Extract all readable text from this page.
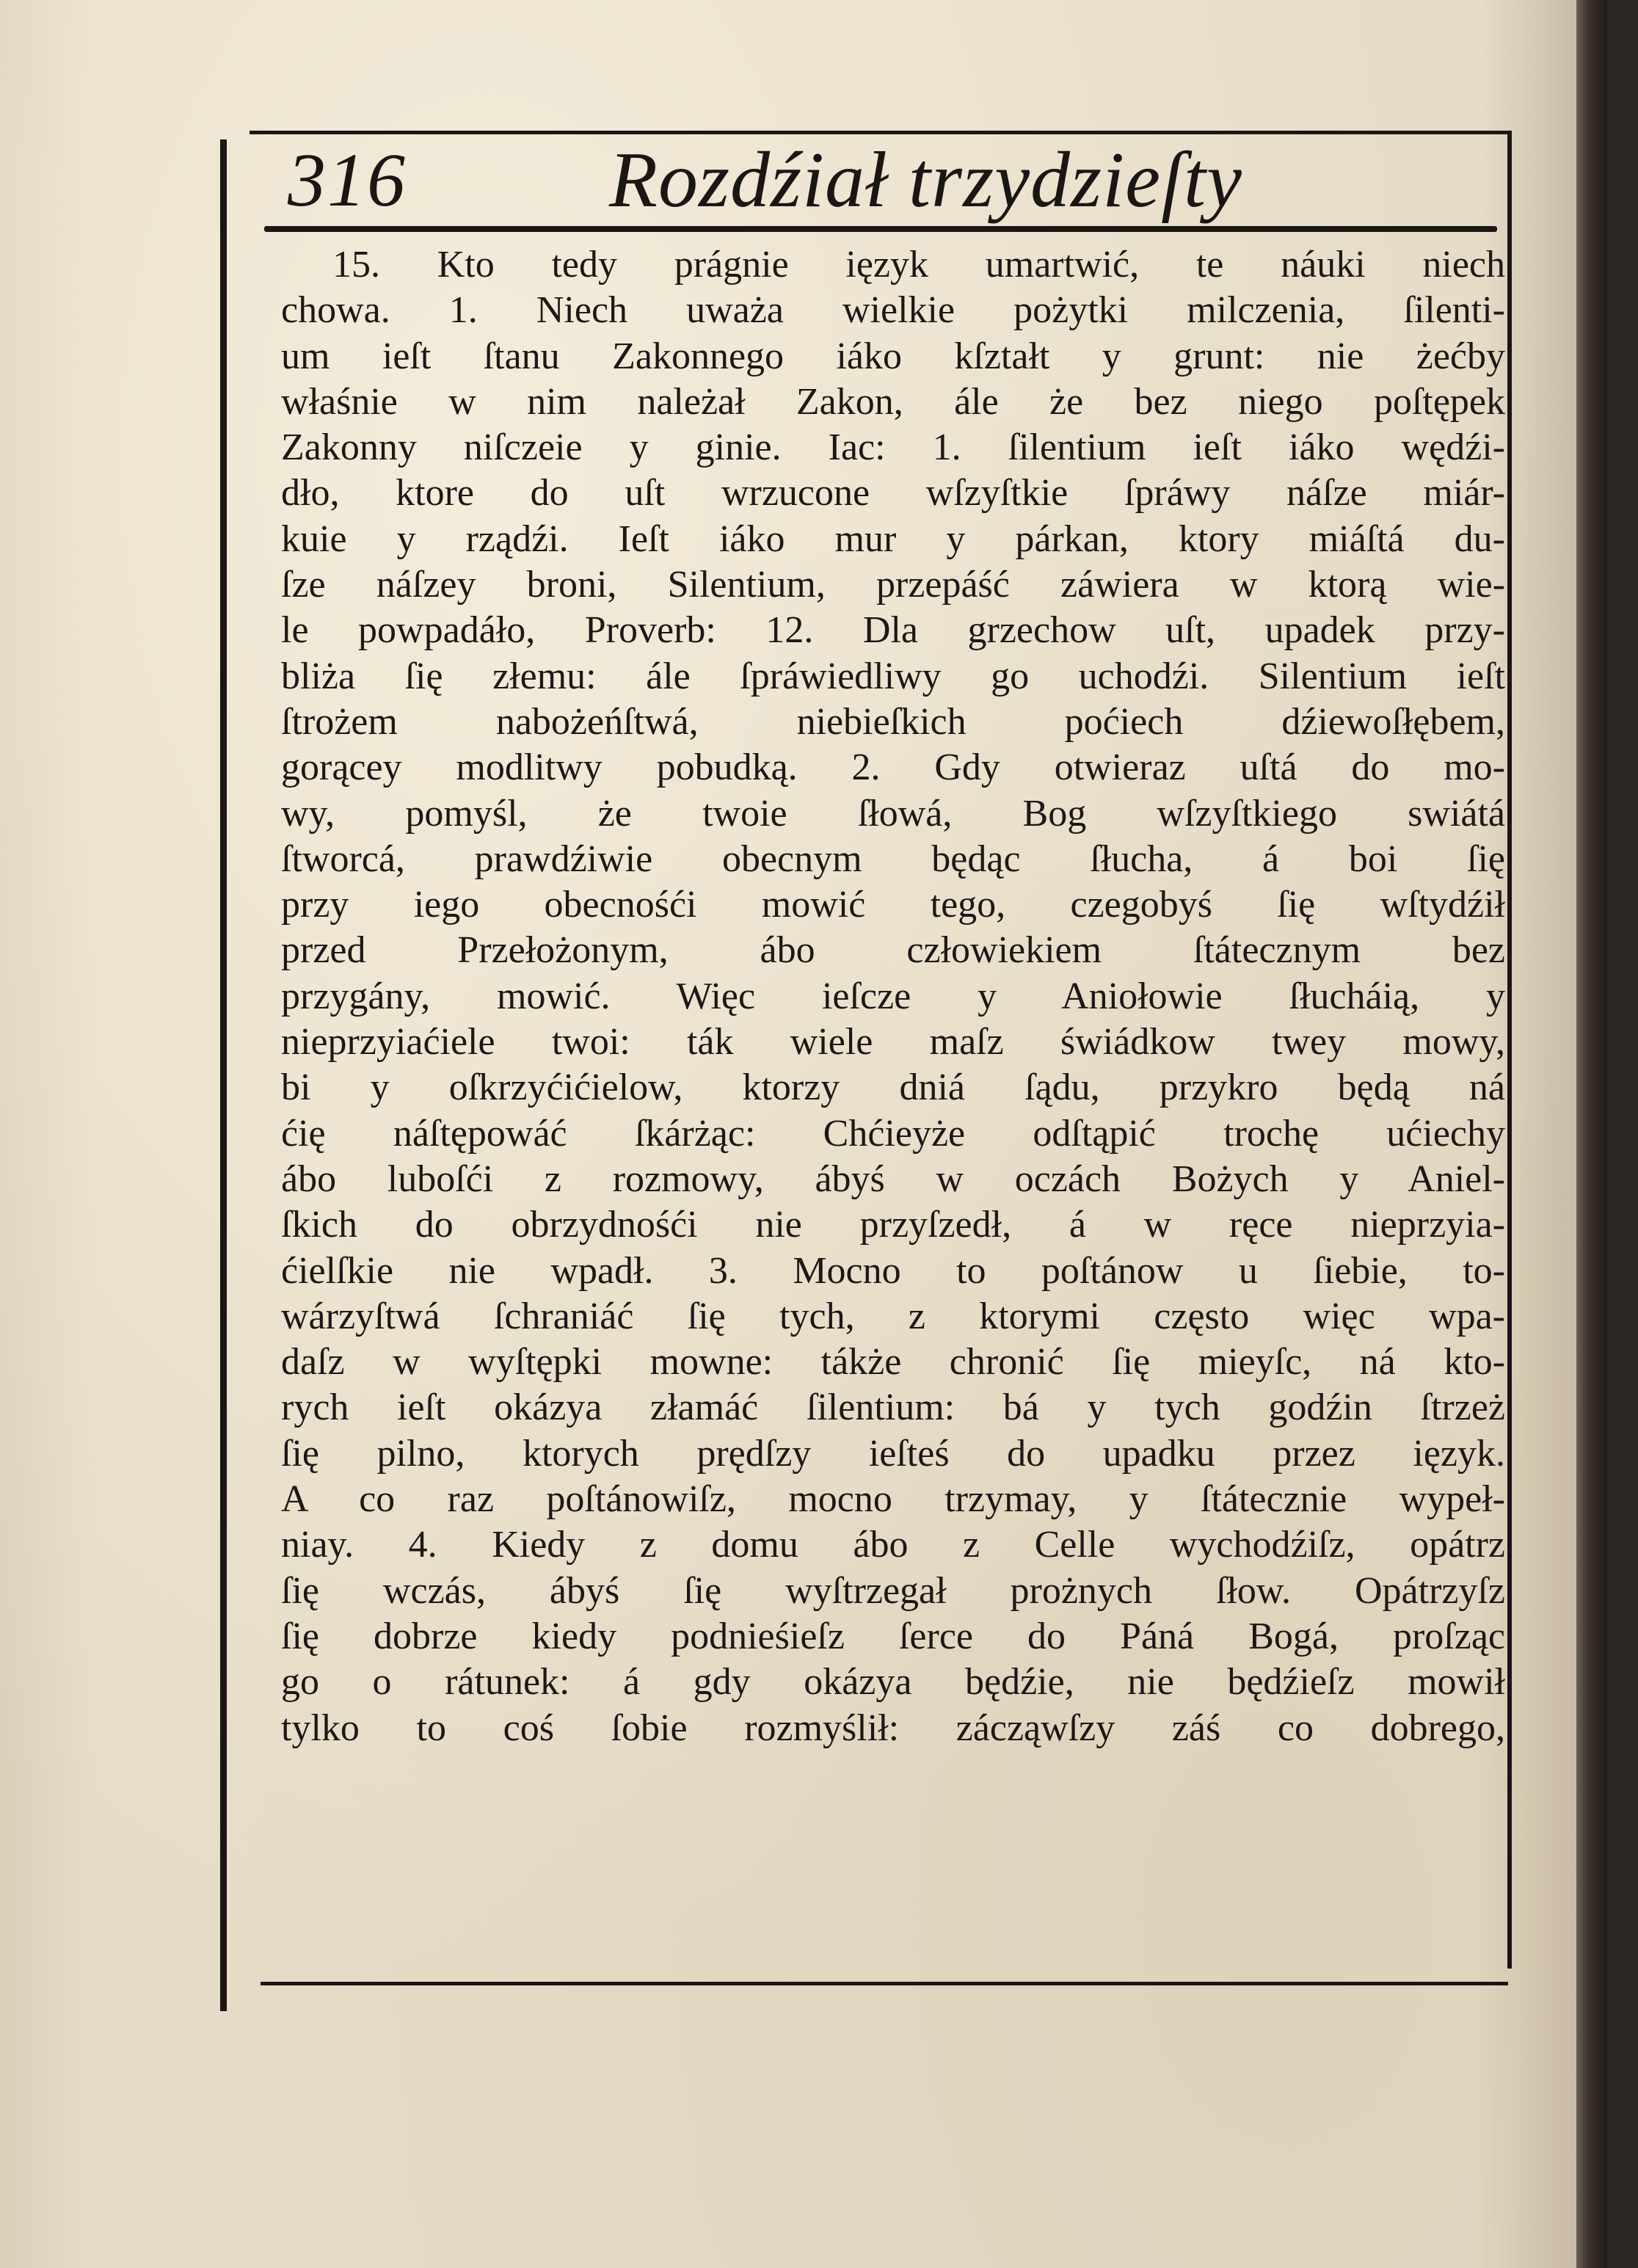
316	Rozdźiał trzydzieſty
15. Kto tedy prágnie ięzyk umartwić, te náuki niech
chowa. 1. Niech uważa wielkie pożytki milczenia, ſilenti-
um ieſt ſtanu Zakonnego iáko kſztałt y grunt: nie żećby
właśnie w nim należał Zakon, ále że bez niego poſtępek
Zakonny niſczeie y ginie. Iac: 1. ſilentium ieſt iáko wędźi-
dło, ktore do uſt wrzucone wſzyſtkie ſpráwy náſze miár-
kuie y rządźi. Ieſt iáko mur y párkan, ktory miáſtá du-
ſze náſzey broni, Silentium, przepáść záwiera w ktorą wie-
le powpadáło, Proverb: 12. Dla grzechow uſt, upadek przy-
bliża ſię złemu: ále ſpráwiedliwy go uchodźi. Silentium ieſt
ſtrożem nabożeńſtwá, niebieſkich poćiech dźiewoſłębem,
gorącey modlitwy pobudką. 2. Gdy otwieraz uſtá do mo-
wy, pomyśl, że twoie ſłowá, Bog wſzyſtkiego swiátá
ſtworcá, prawdźiwie obecnym będąc ſłucha, á boi ſię
przy iego obecnośći mowić tego, czegobyś ſię wſtydźił
przed Przełożonym, ábo człowiekiem ſtátecznym bez
przygány, mowić. Więc ieſcze y Aniołowie ſłucháią, y
nieprzyiaćiele twoi: ták wiele maſz świádkow twey mowy,
bi y oſkrzyćićielow, ktorzy dniá ſądu, przykro będą ná
ćię náſtępowáć ſkárżąc: Chćieyże odſtąpić trochę ućiechy
ábo luboſći z rozmowy, ábyś w oczách Bożych y Aniel-
ſkich do obrzydnośći nie przyſzedł, á w ręce nieprzyia-
ćielſkie nie wpadł. 3. Mocno to poſtánow u ſiebie, to-
wárzyſtwá ſchraniáć ſię tych, z ktorymi często więc wpa-
daſz w wyſtępki mowne: tákże chronić ſię mieyſc, ná kto-
rych ieſt okázya złamáć ſilentium: bá y tych godźin ſtrzeż
ſię pilno, ktorych prędſzy ieſteś do upadku przez ięzyk.
A co raz poſtánowiſz, mocno trzymay, y ſtátecznie wypeł-
niay. 4. Kiedy z domu ábo z Celle wychodźiſz, opátrz
ſię wczás, ábyś ſię wyſtrzegał prożnych ſłow. Opátrzyſz
ſię dobrze kiedy podnieśieſz ſerce do Páná Bogá, proſząc
go o rátunek: á gdy okázya będźie, nie będźieſz mowił
tylko to coś ſobie rozmyślił: zácząwſzy záś co dobrego,
